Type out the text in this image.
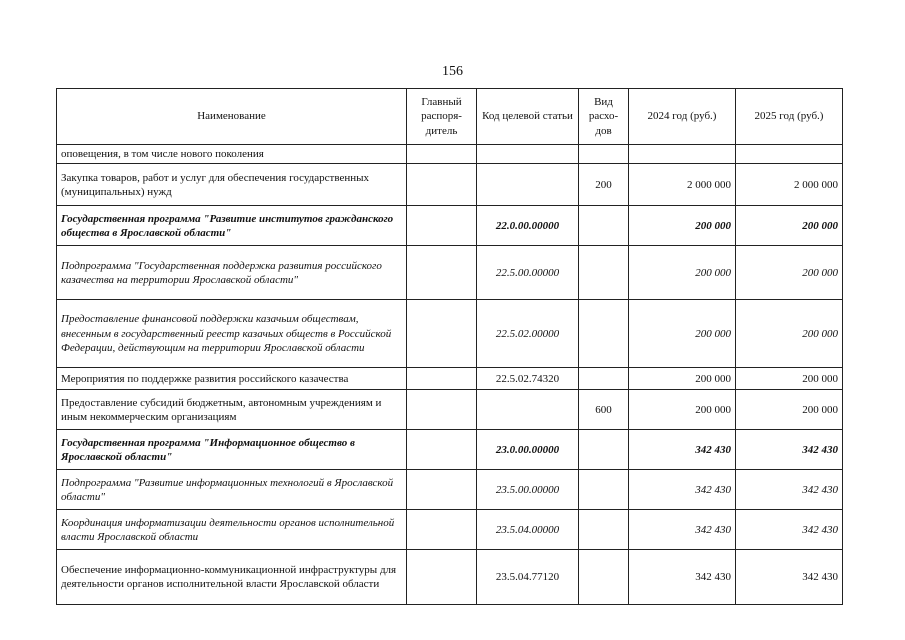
156
Наименование	Главный распоря- дитель	Код целевой статьи	Вид расхо- дов	2024 год (руб.)	2025 год (руб.)
оповещения, в том числе нового поколения					
Закупка товаров, работ и услуг для обеспечения государственных (муниципальных) нужд			200	2 000 000	2 000 000
Государственная программа "Развитие институтов гражданского общества в Ярославской области"		22.0.00.00000		200 000	200 000
Подпрограмма "Государственная поддержка развития российского казачества на территории Ярославской области"		22.5.00.00000		200 000	200 000
Предоставление финансовой поддержки казачьим обществам, внесенным в государственный реестр казачьих обществ в Российской Федерации, действующим на территории Ярославской области		22.5.02.00000		200 000	200 000
Мероприятия по поддержке развития российского казачества		22.5.02.74320		200 000	200 000
Предоставление субсидий бюджетным, автономным учреждениям и иным некоммерческим организациям			600	200 000	200 000
Государственная программа "Информационное общество в Ярославской области"		23.0.00.00000		342 430	342 430
Подпрограмма "Развитие информационных технологий в Ярославской области"		23.5.00.00000		342 430	342 430
Координация информатизации деятельности органов исполнительной власти Ярославской области		23.5.04.00000		342 430	342 430
Обеспечение информационно-коммуникационной инфраструктуры для деятельности органов исполнительной власти Ярославской области		23.5.04.77120		342 430	342 430
